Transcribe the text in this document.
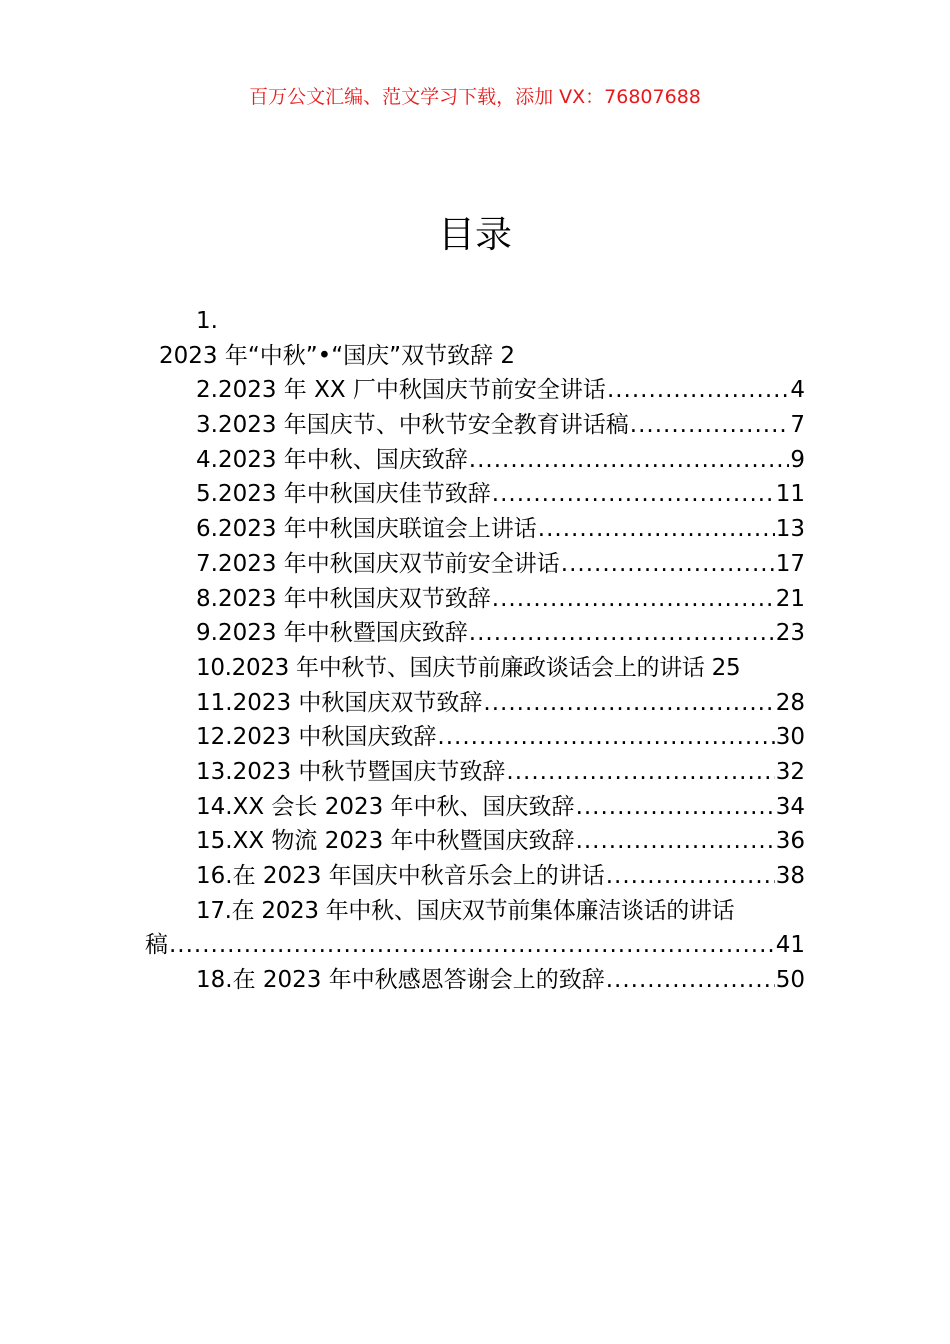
百万公文汇编、范文学习下载，添加 VX：76807688
目录
1.
2023 年“中秋”•“国庆”双节致辞 2
2.2023 年 XX 厂中秋国庆节前安全讲话 .....	4
3.2023 年国庆节、中秋节安全教育讲话稿 .....	7
4.2023 年中秋、国庆致辞 .....	9
5.2023 年中秋国庆佳节致辞 .....	11
6.2023 年中秋国庆联谊会上讲话 .....	13
7.2023 年中秋国庆双节前安全讲话 .....	17
8.2023 年中秋国庆双节致辞 .....	21
9.2023 年中秋暨国庆致辞 .....	23
10.2023 年中秋节、国庆节前廉政谈话会上的讲话 25
11.2023 中秋国庆双节致辞 .....	28
12.2023 中秋国庆致辞 .....	30
13.2023 中秋节暨国庆节致辞 .....	32
14.XX 会长 2023 年中秋、国庆致辞 .....	34
15.XX 物流 2023 年中秋暨国庆致辞 .....	36
16.在 2023 年国庆中秋音乐会上的讲话 .....	38
17.在 2023 年中秋、国庆双节前集体廉洁谈话的讲话
稿 .....	41
18.在 2023 年中秋感恩答谢会上的致辞 .....	50
